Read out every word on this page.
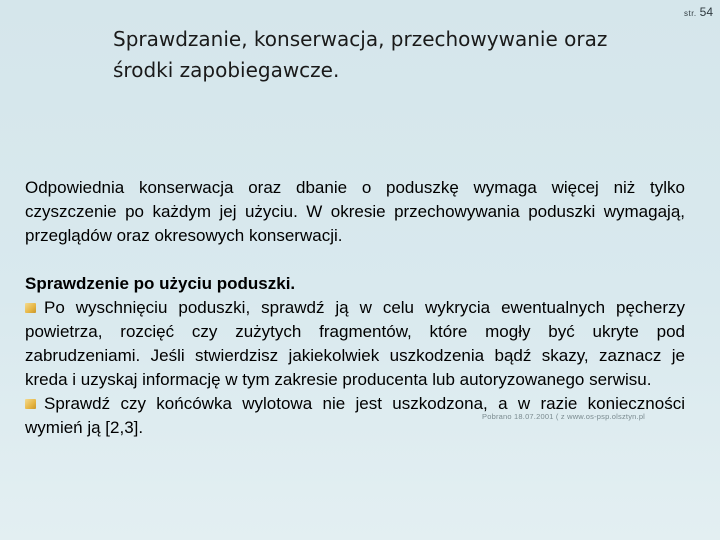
str. 54
Sprawdzanie, konserwacja, przechowywanie oraz
środki zapobiegawcze.

Odpowiednia konserwacja oraz dbanie o poduszkę wymaga więcej niż tylko czyszczenie po każdym jej użyciu. W okresie przechowywania poduszki wymagają, przeglądów oraz okresowych konserwacji.

Sprawdzenie po użyciu poduszki.
Po wyschnięciu poduszki, sprawdź ją w celu wykrycia ewentualnych pęcherzy powietrza, rozcięć czy zużytych fragmentów, które mogły być ukryte pod zabrudzeniami. Jeśli stwierdzisz jakiekolwiek uszkodzenia bądź skazy, zaznacz je kreda i uzyskaj informację w tym zakresie producenta lub autoryzowanego serwisu.
Sprawdź czy końcówka wylotowa nie jest uszkodzona, a w razie konieczności wymień ją [2,3].
Pobrano 18.07.2001 ( z www.os-psp.olsztyn.pl
